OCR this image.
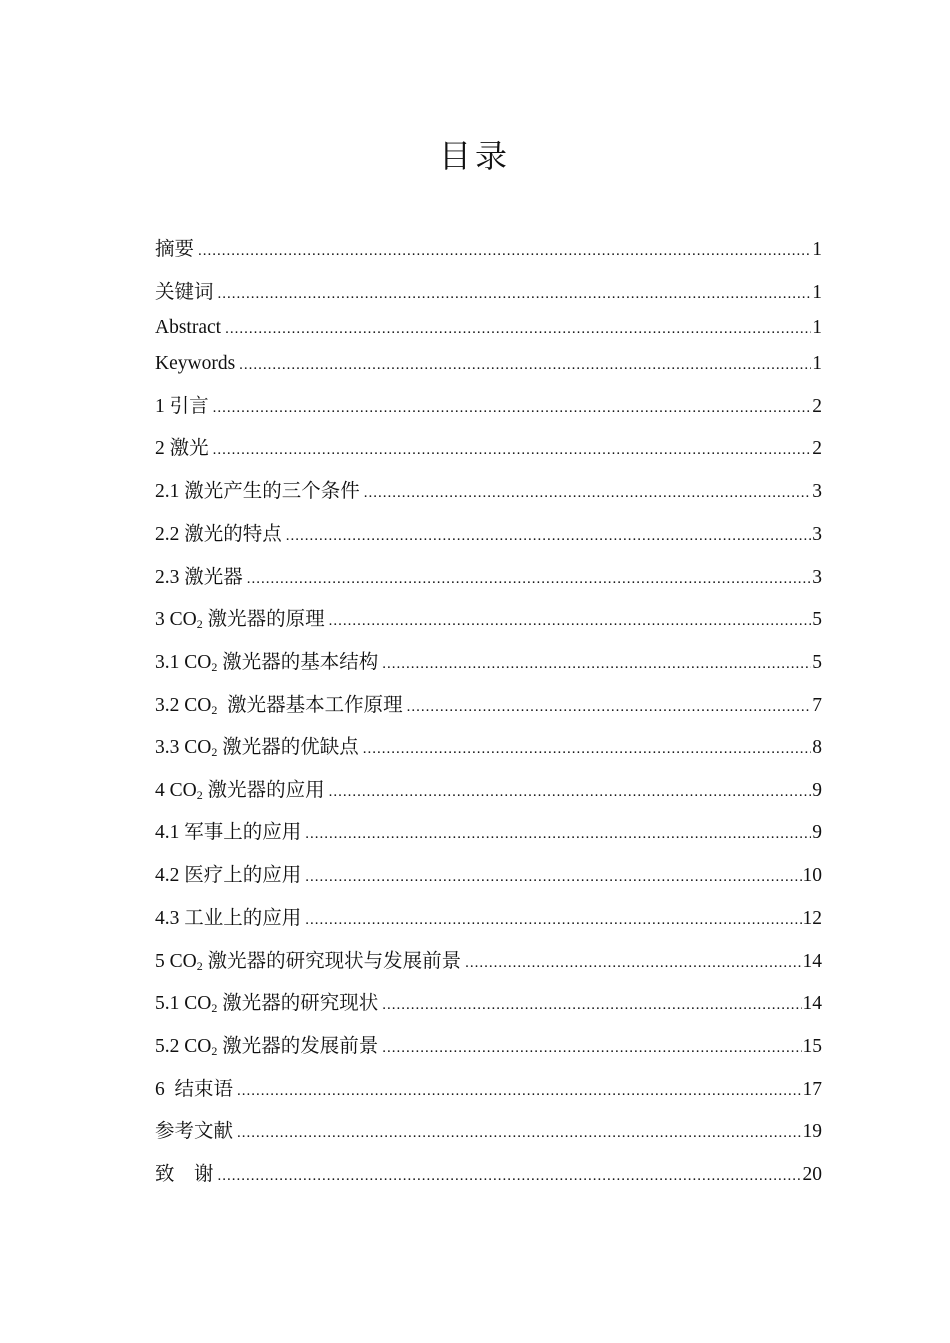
目录
摘要 .....	1
关键词 .....	1
Abstract .....	1
Keywords .....	1
1 引言 .....	2
2 激光 .....	2
2.1 激光产生的三个条件 .....	3
2.2 激光的特点 .....	3
2.3 激光器 .....	3
3 $CO_2$ 激光器的原理 .....	5
3.1 $CO_2$ 激光器的基本结构 .....	5
3.2 $CO_2$  激光器基本工作原理 .....	7
3.3 $CO_2$ 激光器的优缺点 .....	8
4 $CO_2$ 激光器的应用 .....	9
4.1 军事上的应用 .....	9
4.2 医疗上的应用 .....	10
4.3 工业上的应用 .....	12
5 $CO_2$ 激光器的研究现状与发展前景 .....	14
5.1 $CO_2$ 激光器的研究现状 .....	14
5.2 $CO_2$ 激光器的发展前景 .....	15
6  结束语 .....	17
参考文献 .....	19
致    谢 .....	20
